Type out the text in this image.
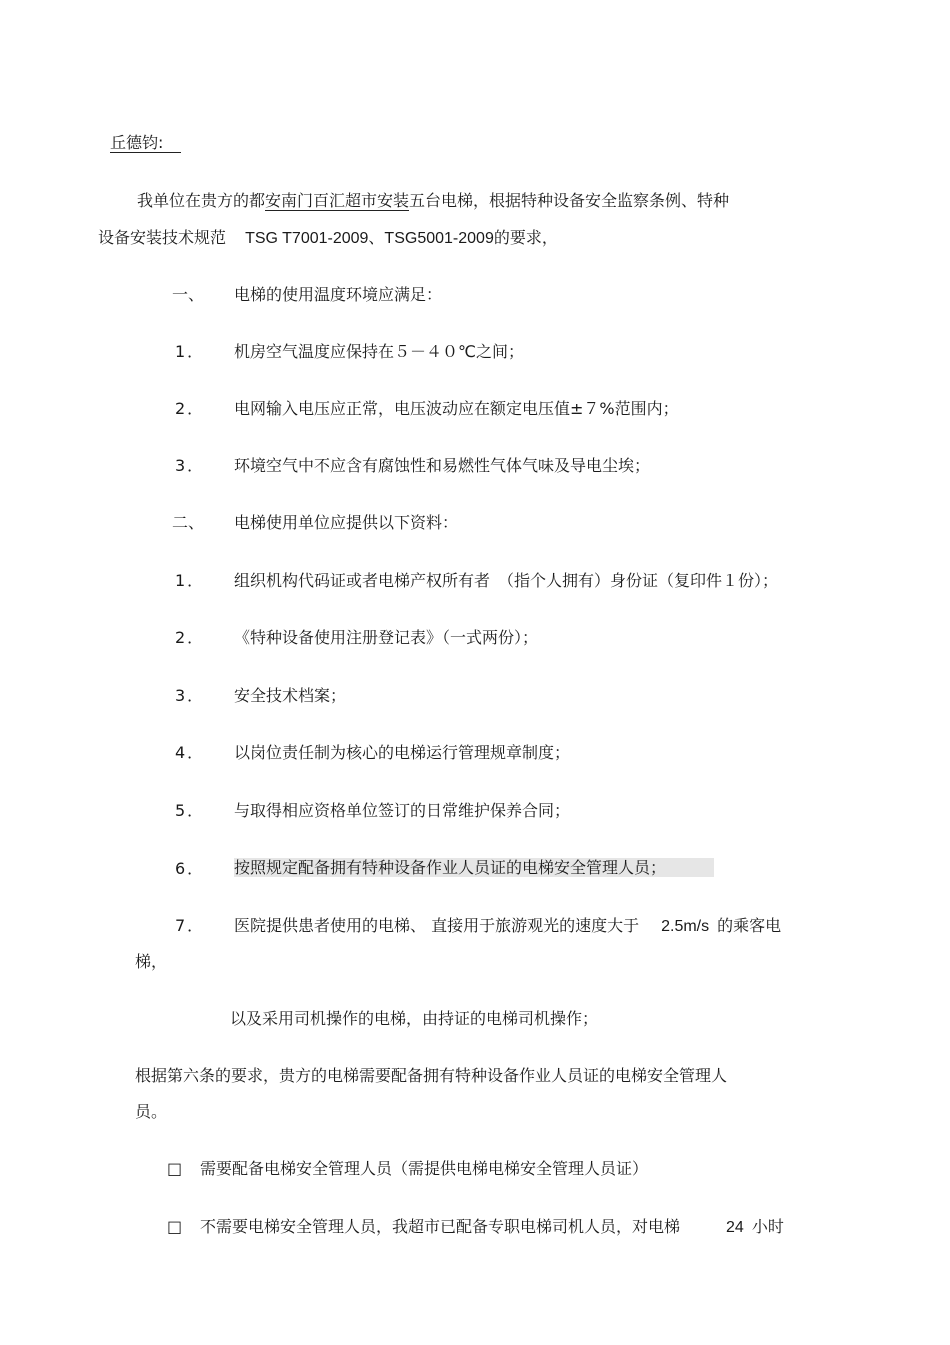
丘德钧:
我单位在贵方的都安南门百汇超市安装五台电梯，根据特种设备安全监察条例、特种
设备安装技术规范 TSG T7001-2009、TSG5001-2009的要求，
一、 电梯的使用温度环境应满足：
1． 机房空气温度应保持在５－４０℃之间；
2． 电网输入电压应正常，电压波动应在额定电压值±７%范围内；
3． 环境空气中不应含有腐蚀性和易燃性气体气味及导电尘埃；
二、 电梯使用单位应提供以下资料：
1． 组织机构代码证或者电梯产权所有者　（指个人拥有）身份证（复印件１份）；
2． 《特种设备使用注册登记表》（一式两份）；
3． 安全技术档案；
4． 以岗位责任制为核心的电梯运行管理规章制度；
5． 与取得相应资格单位签订的日常维护保养合同；
6． 按照规定配备拥有特种设备作业人员证的电梯安全管理人员；
7． 医院提供患者使用的电梯、 直接用于旅游观光的速度大于 2.5m/s 的乘客电
梯，
以及采用司机操作的电梯，由持证的电梯司机操作；
根据第六条的要求，贵方的电梯需要配备拥有特种设备作业人员证的电梯安全管理人
员。
□ 需要配备电梯安全管理人员（需提供电梯电梯安全管理人员证）
□ 不需要电梯安全管理人员，我超市已配备专职电梯司机人员，对电梯	24 小时
